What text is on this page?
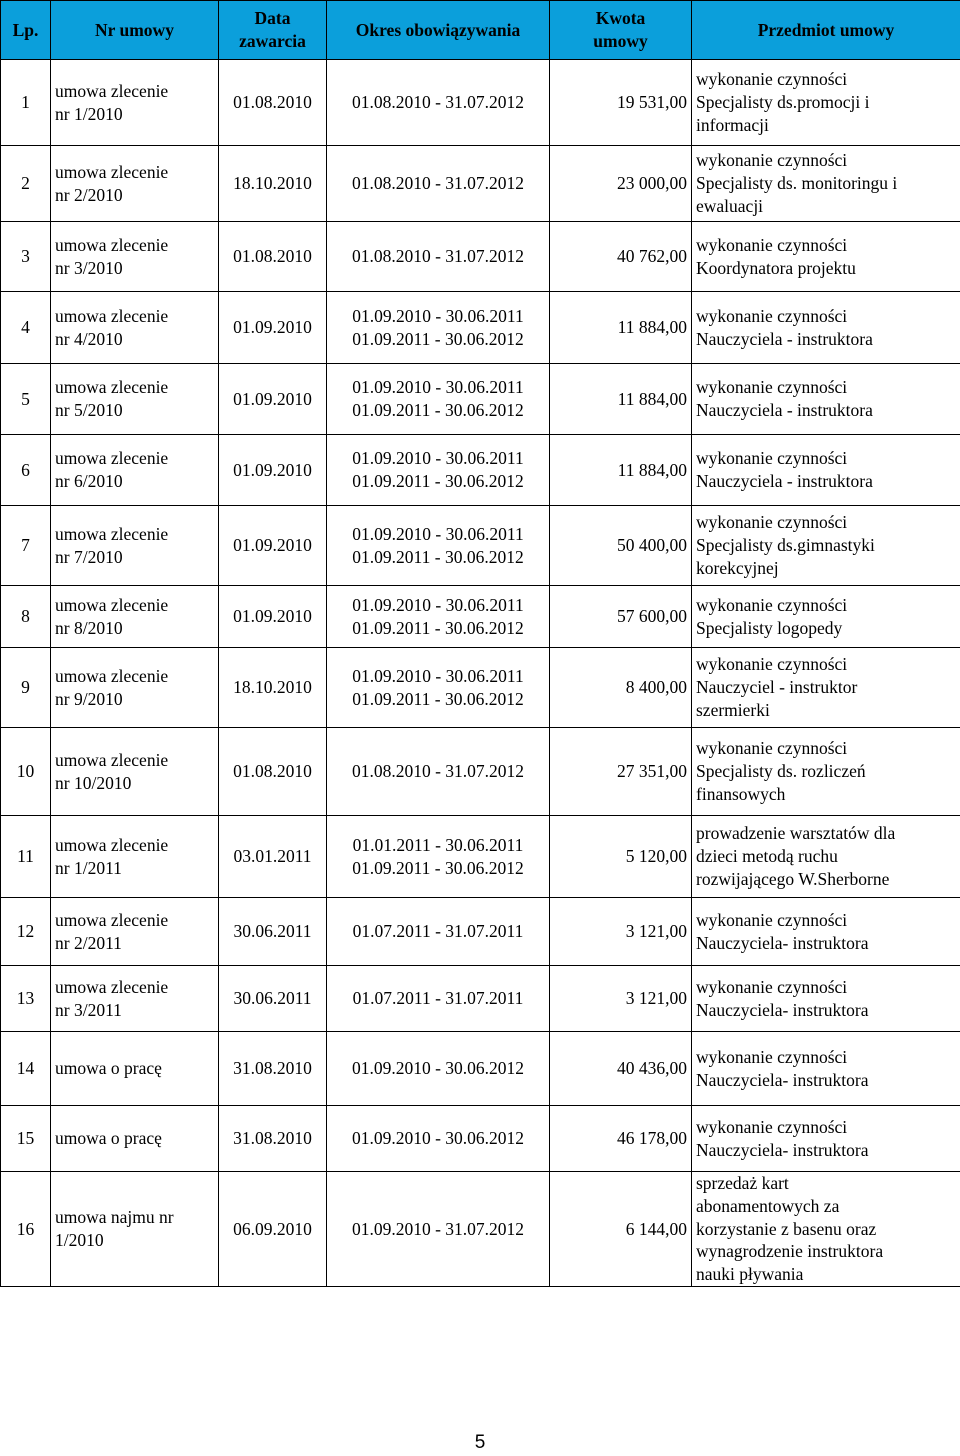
Lp.	Nr umowy	Data
zawarcia	Okres obowiązywania	Kwota
umowy	Przedmiot umowy
1	umowa zlecenie
nr 1/2010	01.08.2010	01.08.2010 - 31.07.2012	19 531,00	wykonanie czynności
Specjalisty ds.promocji i
informacji

2	umowa zlecenie
nr 2/2010	18.10.2010	01.08.2010 - 31.07.2012	23 000,00	wykonanie czynności
Specjalisty ds. monitoringu i
ewaluacji

3	umowa zlecenie
nr 3/2010	01.08.2010	01.08.2010 - 31.07.2012	40 762,00	wykonanie czynności
Koordynatora projektu

4	umowa zlecenie
nr 4/2010	01.09.2010	01.09.2010 - 30.06.2011
01.09.2011 - 30.06.2012	11 884,00	wykonanie czynności
Nauczyciela - instruktora

5	umowa zlecenie
nr 5/2010	01.09.2010	01.09.2010 - 30.06.2011
01.09.2011 - 30.06.2012	11 884,00	wykonanie czynności
Nauczyciela - instruktora

6	umowa zlecenie
nr 6/2010	01.09.2010	01.09.2010 - 30.06.2011
01.09.2011 - 30.06.2012	11 884,00	wykonanie czynności
Nauczyciela - instruktora

7	umowa zlecenie
nr 7/2010	01.09.2010	01.09.2010 - 30.06.2011
01.09.2011 - 30.06.2012	50 400,00	wykonanie czynności
Specjalisty ds.gimnastyki
korekcyjnej

8	umowa zlecenie
nr 8/2010	01.09.2010	01.09.2010 - 30.06.2011
01.09.2011 - 30.06.2012	57 600,00	wykonanie czynności
Specjalisty logopedy

9	umowa zlecenie
nr 9/2010	18.10.2010	01.09.2010 - 30.06.2011
01.09.2011 - 30.06.2012	8 400,00	wykonanie czynności
Nauczyciel - instruktor
szermierki

10	umowa zlecenie
nr 10/2010	01.08.2010	01.08.2010 - 31.07.2012	27 351,00	wykonanie czynności
Specjalisty ds. rozliczeń
finansowych

11	umowa zlecenie
nr 1/2011	03.01.2011	01.01.2011 - 30.06.2011
01.09.2011 - 30.06.2012	5 120,00	prowadzenie warsztatów dla
dzieci metodą ruchu
rozwijającego W.Sherborne

12	umowa zlecenie
nr 2/2011	30.06.2011	01.07.2011 - 31.07.2011	3 121,00	wykonanie czynności
Nauczyciela- instruktora

13	umowa zlecenie
nr 3/2011	30.06.2011	01.07.2011 - 31.07.2011	3 121,00	wykonanie czynności
Nauczyciela- instruktora

14	umowa o pracę	31.08.2010	01.09.2010 - 30.06.2012	40 436,00	wykonanie czynności
Nauczyciela- instruktora

15	umowa o pracę	31.08.2010	01.09.2010 - 30.06.2012	46 178,00	wykonanie czynności
Nauczyciela- instruktora

16	umowa najmu nr
1/2010	06.09.2010	01.09.2010 - 31.07.2012	6 144,00	sprzedaż kart
abonamentowych za
korzystanie z basenu oraz
wynagrodzenie instruktora
nauki pływania
5
